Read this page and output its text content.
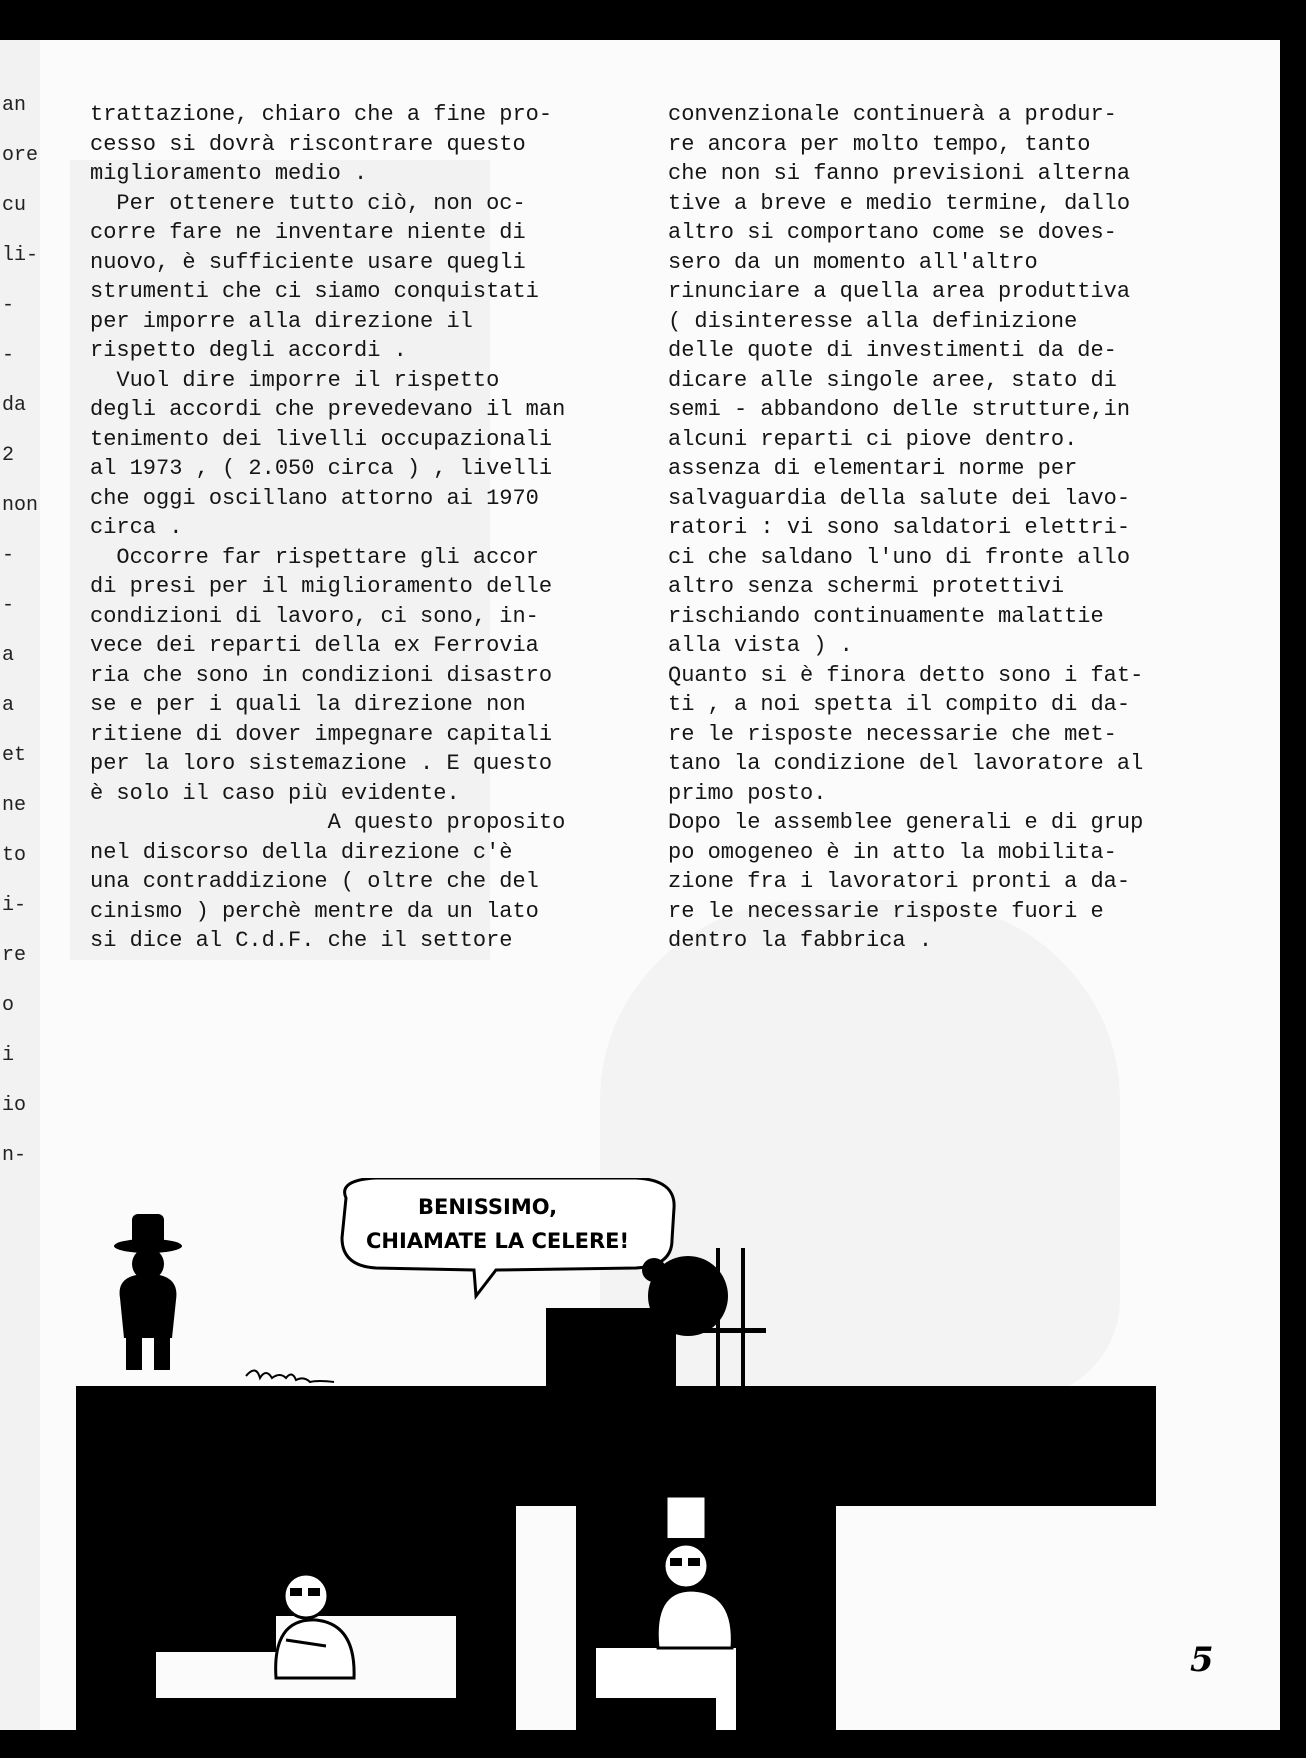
an
ore
cu
li-
-
-
da
2
non
-
-
a
a
et
ne
to
i-
re
o
i
io
n-
trattazione, chiaro che a fine pro-
cesso si dovrà riscontrare questo
miglioramento medio .
Per ottenere tutto ciò, non oc-
corre fare ne inventare niente di
nuovo, è sufficiente usare quegli
strumenti che ci siamo conquistati
per imporre alla direzione il
rispetto degli accordi .
Vuol dire imporre il rispetto
degli accordi che prevedevano il man
tenimento dei livelli occupazionali
al 1973 , ( 2.050 circa ) , livelli
che oggi oscillano attorno ai 1970
circa .
Occorre far rispettare gli accor
di presi per il miglioramento delle
condizioni di lavoro, ci sono, in-
vece dei reparti della ex Ferrovia
ria che sono in condizioni disastro
se e per i quali la direzione non
ritiene di dover impegnare capitali
per la loro sistemazione . E questo
è solo il caso più evidente.
A questo proposito
nel discorso della direzione c'è
una contraddizione ( oltre che del
cinismo ) perchè mentre da un lato
si dice al C.d.F. che il settore
convenzionale continuerà a produr-
re ancora per molto tempo, tanto
che non si fanno previsioni alterna
tive a breve e medio termine, dallo
altro si comportano come se doves-
sero da un momento all'altro
rinunciare a quella area produttiva
( disinteresse alla definizione
delle quote di investimenti da de-
dicare alle singole aree, stato di
semi - abbandono delle strutture,in
alcuni reparti ci piove dentro.
assenza di elementari norme per
salvaguardia della salute dei lavo-
ratori : vi sono saldatori elettri-
ci che saldano l'uno di fronte allo
altro senza schermi protettivi
rischiando continuamente malattie
alla vista ) .
Quanto si è finora detto sono i fat-
ti , a noi spetta il compito di da-
re le risposte necessarie che met-
tano la condizione del lavoratore al
primo posto.
Dopo le assemblee generali e di grup
po omogeneo è in atto la mobilita-
zione fra i lavoratori pronti a da-
re le necessarie risposte fuori e
dentro la fabbrica .
BENISSIMO,
CHIAMATE LA CELERE!
5
